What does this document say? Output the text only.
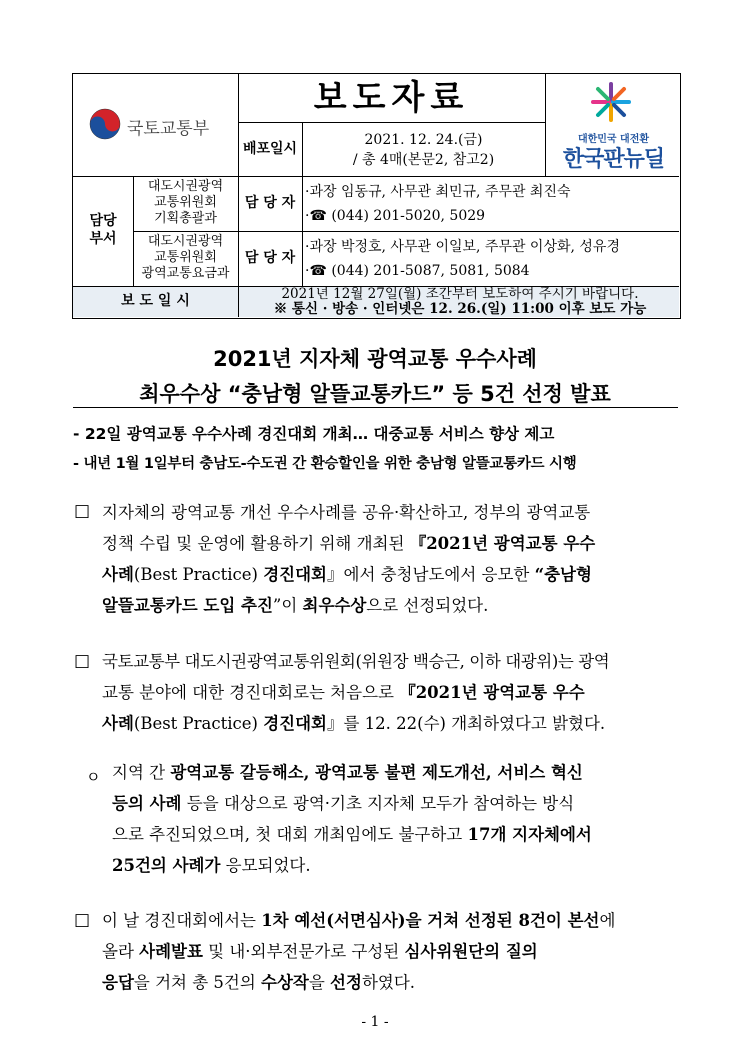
국토교통부
보도자료
배포일시
2021. 12. 24.(금)
/ 총 4매(본문2, 참고2)
대한민국 대전환
한국판뉴딜
담당
부서
대도시권광역
교통위원회
기획총괄과
담 당 자
·과장 임동규, 사무관 최민규, 주무관 최진숙
·☎ (044) 201-5020, 5029
대도시권광역
교통위원회
광역교통요금과
담 당 자
·과장 박정호, 사무관 이일보, 주무관 이상화, 성유경
·☎ (044) 201-5087, 5081, 5084
보 도 일 시	2021년 12월 27일(월) 조간부터 보도하여 주시기 바랍니다.
※ 통신 · 방송 · 인터넷은 12. 26.(일) 11:00 이후 보도 가능
2021년 지자체 광역교통 우수사례
최우수상 “충남형 알뜰교통카드” 등 5건 선정 발표
- 22일 광역교통 우수사례 경진대회 개최… 대중교통 서비스 향상 제고
- 내년 1월 1일부터 충남도-수도권 간 환승할인을 위한 충남형 알뜰교통카드 시행
□ 지자체의 광역교통 개선 우수사례를 공유·확산하고, 정부의 광역교통
정책 수립 및 운영에 활용하기 위해 개최된 『2021년 광역교통 우수
사례(Best Practice) 경진대회』에서 충청남도에서 응모한 “충남형
알뜰교통카드 도입 추진”이 최우수상으로 선정되었다.
□ 국토교통부 대도시권광역교통위원회(위원장 백승근, 이하 대광위)는 광역
교통 분야에 대한 경진대회로는 처음으로 『2021년 광역교통 우수
사례(Best Practice) 경진대회』를 12. 22(수) 개최하였다고 밝혔다.
ㅇ 지역 간 광역교통 갈등해소, 광역교통 불편 제도개선, 서비스 혁신
등의 사례 등을 대상으로 광역·기초 지자체 모두가 참여하는 방식
으로 추진되었으며, 첫 대회 개최임에도 불구하고 17개 지자체에서
25건의 사례가 응모되었다.
□ 이 날 경진대회에서는 1차 예선(서면심사)을 거쳐 선정된 8건이 본선에
올라 사례발표 및 내·외부전문가로 구성된 심사위원단의 질의
응답을 거쳐 총 5건의 수상작을 선정하였다.
- 1 -
